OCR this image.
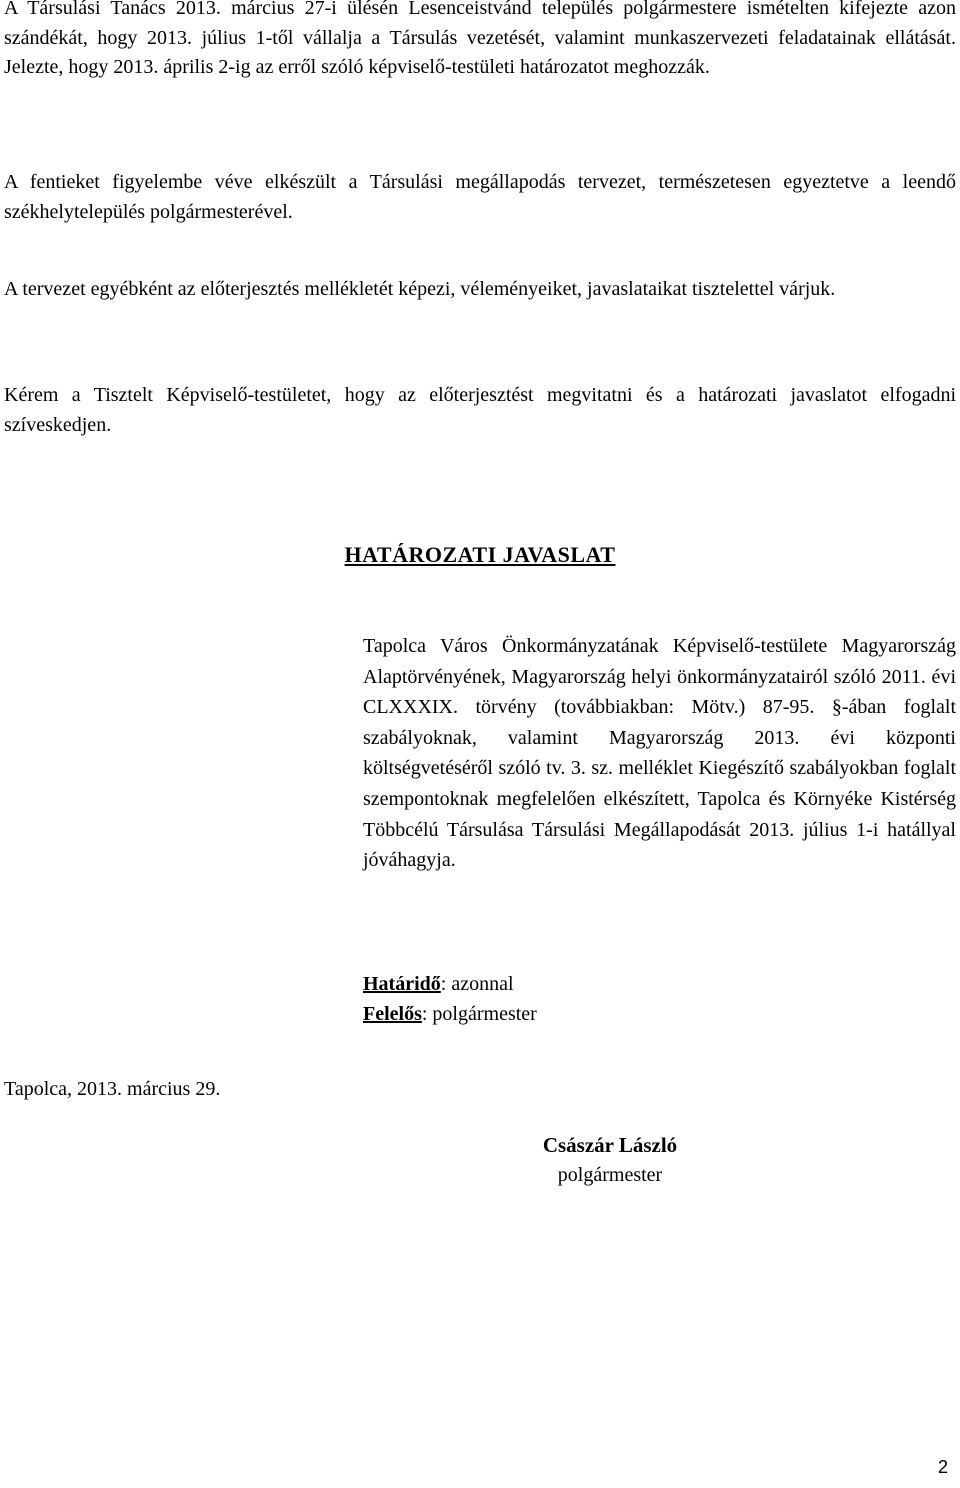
A Társulási Tanács 2013. március 27-i ülésén Lesenceistvánd település polgármestere ismételten kifejezte azon szándékát, hogy 2013. július 1-től vállalja a Társulás vezetését, valamint munkaszervezeti feladatainak ellátását. Jelezte, hogy 2013. április 2-ig az erről szóló képviselő-testületi határozatot meghozzák.

A fentieket figyelembe véve elkészült a Társulási megállapodás tervezet, természetesen egyeztetve a leendő székhelytelepülés polgármesterével.

A tervezet egyébként az előterjesztés mellékletét képezi, véleményeiket, javaslataikat tisztelettel várjuk.

Kérem a Tisztelt Képviselő-testületet, hogy az előterjesztést megvitatni és a határozati javaslatot elfogadni szíveskedjen.

HATÁROZATI JAVASLAT

Tapolca Város Önkormányzatának Képviselő-testülete Magyarország Alaptörvényének, Magyarország helyi önkormányzatairól szóló 2011. évi CLXXXIX. törvény (továbbiakban: Mötv.) 87-95. §-ában foglalt szabályoknak, valamint Magyarország 2013. évi központi költségvetéséről szóló tv. 3. sz. melléklet Kiegészítő szabályokban foglalt szempontoknak megfelelően elkészített, Tapolca és Környéke Kistérség Többcélú Társulása Társulási Megállapodását 2013. július 1-i hatállyal jóváhagyja.

Határidő: azonnal
Felelős: polgármester
Tapolca, 2013. március 29.
Császár László
polgármester
2
